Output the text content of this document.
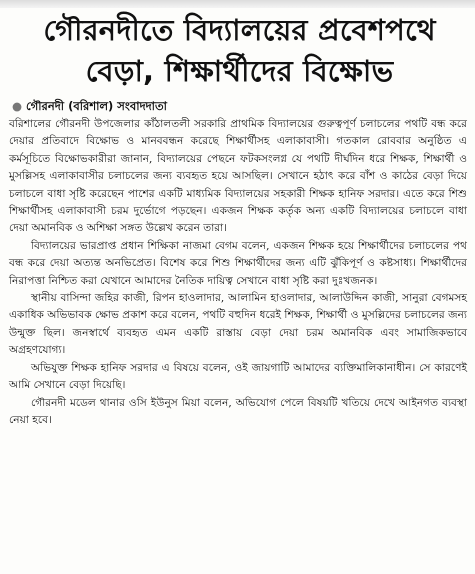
গৌরনদীতে বিদ্যালয়ের প্রবেশপথে
বেড়া, শিক্ষার্থীদের বিক্ষোভ
● গৌরনদী (বরিশাল) সংবাদদাতা

বরিশালের গৌরনদী উপজেলার কাঁঠালতলী সরকারি প্রাথমিক বিদ্যালয়ের গুরুত্বপূর্ণ চলাচলের পথটি বন্ধ করে দেয়ার প্রতিবাদে বিক্ষোভ ও মানববন্ধন করেছে শিক্ষার্থীসহ এলাকাবাসী। গতকাল রোববার অনুষ্ঠিত এ কর্মসূচিতে বিক্ষোভকারীরা জানান, বিদ্যালয়ের পেছনে ফটকসংলগ্ন যে পথটি দীর্ঘদিন ধরে শিক্ষক, শিক্ষার্থী ও মুসল্লিসহ এলাকাবাসীর চলাচলের জন্য ব্যবহৃত হয়ে আসছিল। সেখানে হঠাৎ করে বাঁশ ও কাঠের বেড়া দিয়ে চলাচলে বাধা সৃষ্টি করেছেন পাশের একটি মাধ্যমিক বিদ্যালয়ের সহকারী শিক্ষক হানিফ সরদার। এতে করে শিশু শিক্ষার্থীসহ এলাকাবাসী চরম দুর্ভোগে পড়ছেন। একজন শিক্ষক কর্তৃক অন্য একটি বিদ্যালয়ের চলাচলে বাধা দেয়া অমানবিক ও অশিক্ষা সঙ্গত উল্লেখ করেন তারা।

বিদ্যালয়ের ভারপ্রাপ্ত প্রধান শিক্ষিকা নাজমা বেগম বলেন, একজন শিক্ষক হয়ে শিক্ষার্থীদের চলাচলের পথ বন্ধ করে দেয়া অত্যন্ত অনভিপ্রেত। বিশেষ করে শিশু শিক্ষার্থীদের জন্য এটি ঝুঁকিপূর্ণ ও কষ্টসাধ্য। শিক্ষার্থীদের নিরাপত্তা নিশ্চিত করা যেখানে আমাদের নৈতিক দায়িত্ব সেখানে বাধা সৃষ্টি করা দুঃখজনক।

স্থানীয় বাসিন্দা জহির কাজী, রিপন হাওলাদার, আলামিন হাওলাদার, আলাউদ্দিন কাজী, সানুরা বেগমসহ একাধিক অভিভাবক ক্ষোভ প্রকাশ করে বলেন, পথটি বহুদিন ধরেই শিক্ষক, শিক্ষার্থী ও মুসল্লিদের চলাচলের জন্য উন্মুক্ত ছিল। জনস্বার্থে ব্যবহৃত এমন একটি রাস্তায় বেড়া দেয়া চরম অমানবিক এবং সামাজিকভাবে অগ্রহণযোগ্য।

অভিযুক্ত শিক্ষক হানিফ সরদার এ বিষয়ে বলেন, ওই জায়গাটি আমাদের ব্যক্তিমালিকানাধীন। সে কারণেই আমি সেখানে বেড়া দিয়েছি।

গৌরনদী মডেল থানার ওসি ইউনুস মিয়া বলেন, অভিযোগ পেলে বিষয়টি খতিয়ে দেখে আইনগত ব্যবস্থা নেয়া হবে।
